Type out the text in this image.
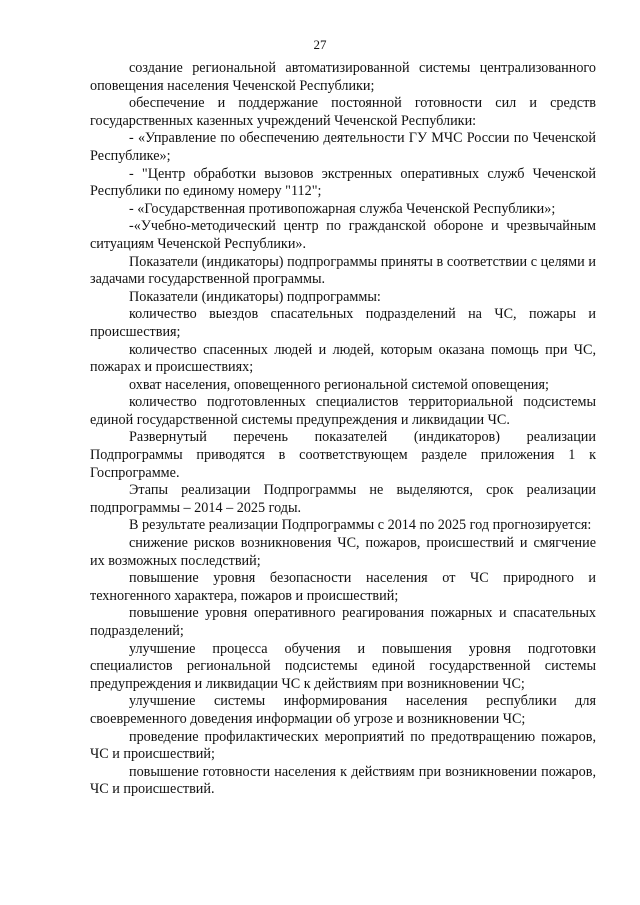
27

создание региональной автоматизированной системы централизованного оповещения населения Чеченской Республики;

обеспечение и поддержание постоянной готовности сил и средств государственных казенных учреждений Чеченской Республики:

- «Управление по обеспечению деятельности ГУ МЧС России по Чеченской Республике»;

- "Центр обработки вызовов экстренных оперативных служб Чеченской Республики по единому номеру "112";

- «Государственная противопожарная служба Чеченской Республики»;

-«Учебно-методический центр по гражданской обороне и чрезвычайным ситуациям Чеченской Республики».

Показатели (индикаторы) подпрограммы приняты в соответствии с целями и задачами государственной программы.

Показатели (индикаторы) подпрограммы:

количество выездов спасательных подразделений на ЧС, пожары и происшествия;

количество спасенных людей и людей, которым оказана помощь при ЧС, пожарах и происшествиях;

охват населения, оповещенного региональной системой оповещения;

количество подготовленных специалистов территориальной подсистемы единой государственной системы предупреждения и ликвидации ЧС.

Развернутый перечень показателей (индикаторов) реализации Подпрограммы приводятся в соответствующем разделе приложения 1 к Госпрограмме.

Этапы реализации Подпрограммы не выделяются, срок реализации подпрограммы – 2014 – 2025 годы.

В результате реализации Подпрограммы с 2014 по 2025 год прогнозируется:

снижение рисков возникновения ЧС, пожаров, происшествий и смягчение их возможных последствий;

повышение уровня безопасности населения от ЧС природного и техногенного характера, пожаров и происшествий;

повышение уровня оперативного реагирования пожарных и спасательных подразделений;

улучшение процесса обучения и повышения уровня подготовки специалистов региональной подсистемы единой государственной системы предупреждения и ликвидации ЧС к действиям при возникновении ЧС;

улучшение системы информирования населения республики для своевременного доведения информации об угрозе и возникновении ЧС;

проведение профилактических мероприятий по предотвращению пожаров, ЧС и происшествий;

повышение готовности населения к действиям при возникновении пожаров, ЧС и происшествий.
